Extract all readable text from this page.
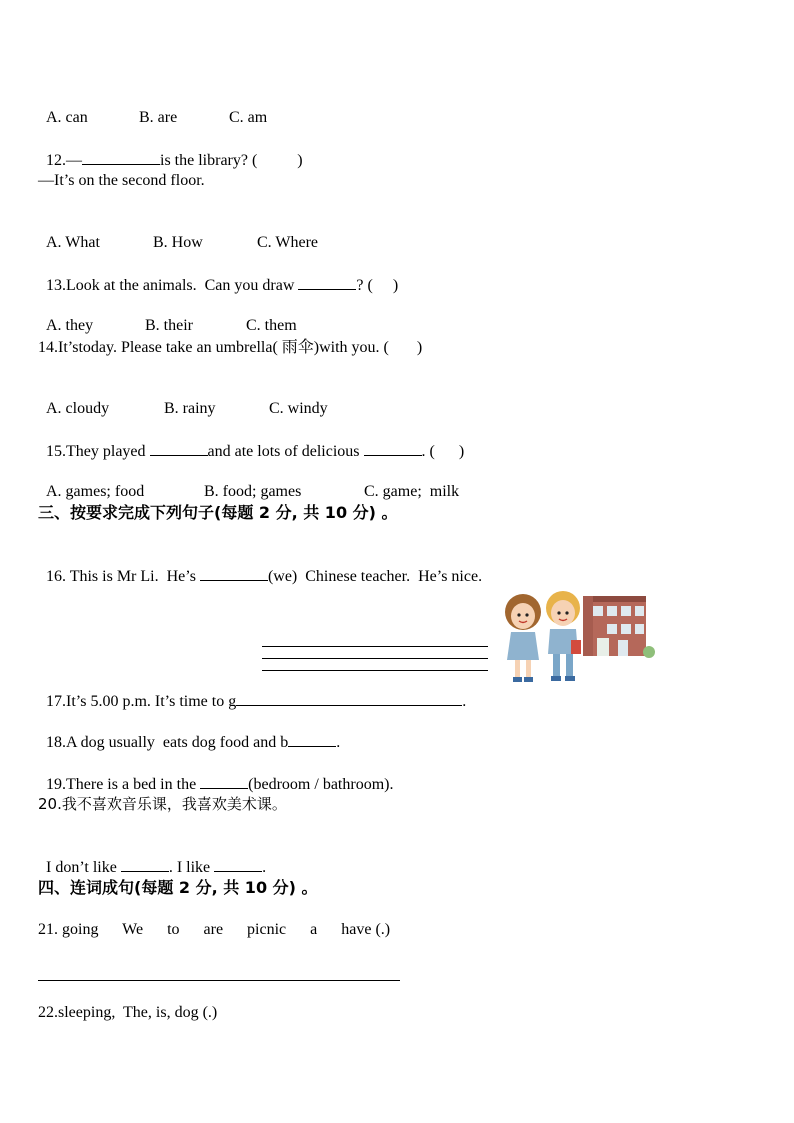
A. can	B. are	C. am

12.—	is the library? (          )

—It’s on the second floor.

A. What	B. How	C. Where

13.Look at the animals.  Can you draw	? (     )

A. they	B. their	C. them

14.It’stoday. Please take an umbrella( 雨伞)with you. (       )

A. cloudy	B. rainy	C. windy

15.They played	and ate lots of delicious	. (      )

A. games; food	B. food; games	C. game;  milk

三、按要求完成下列句子(每题 2 分, 共 10 分) 。

16. This is Mr Li.  He’s	(we)  Chinese teacher.  He’s nice.

17.It’s 5.00 p.m. It’s time to g	.

18.A dog usually  eats dog food and b	.

19.There is a bed in the	(bedroom / bathroom).

20.我不喜欢音乐课，我喜欢美术课。

I don’t like	. I like	.

四、连词成句(每题 2 分, 共 10 分) 。
21. going      We      to      are      picnic      a      have (.)
22.sleeping,  The, is, dog (.)
